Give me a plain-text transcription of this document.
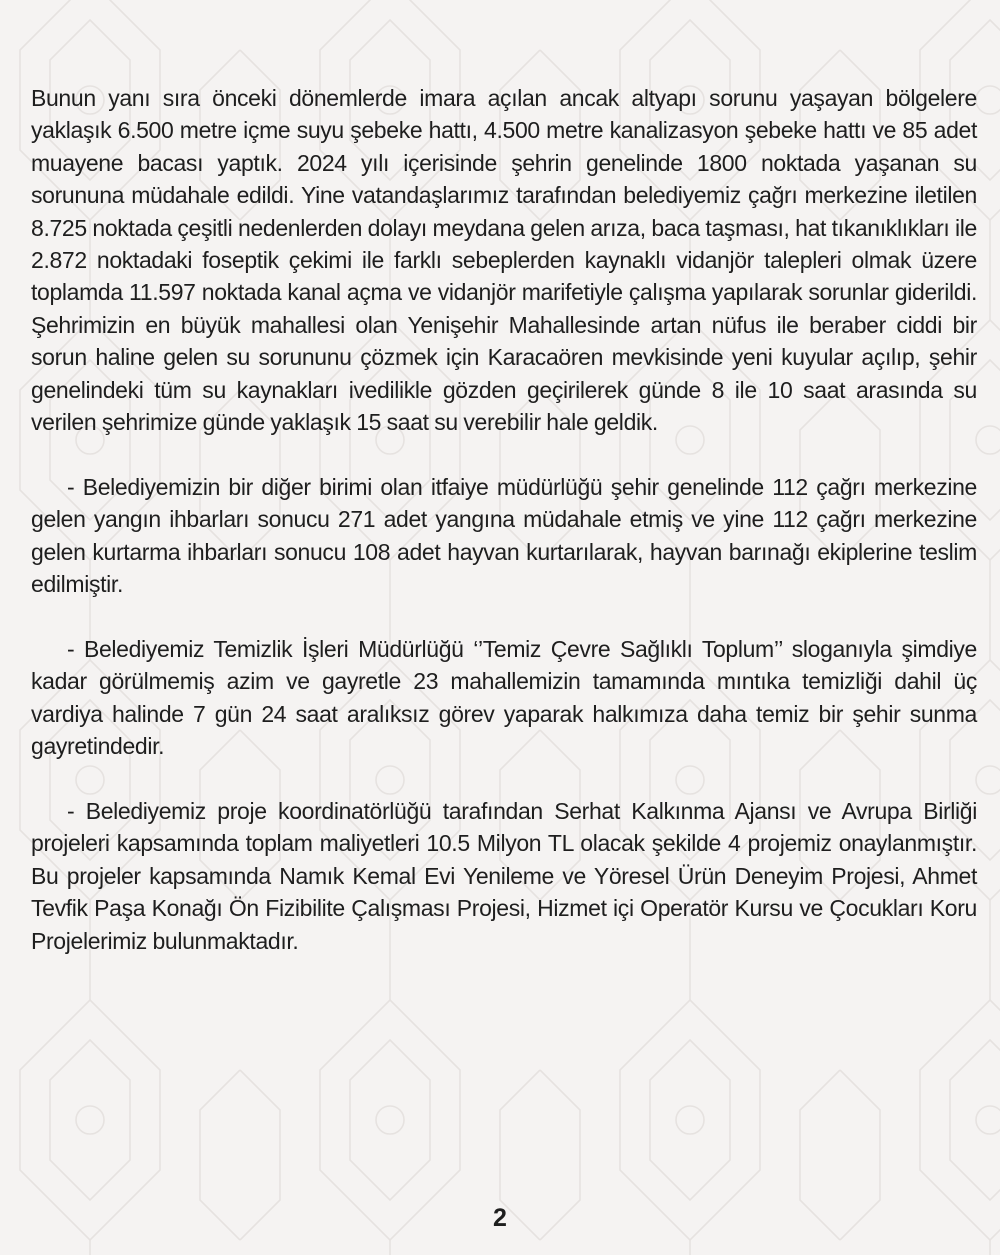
Bunun yanı sıra önceki dönemlerde imara açılan ancak altyapı sorunu yaşayan bölgelere yaklaşık 6.500 metre içme suyu şebeke hattı, 4.500 metre kanalizasyon şebeke hattı ve 85 adet muayene bacası yaptık. 2024 yılı içerisinde şehrin genelinde 1800 noktada yaşanan su sorununa müdahale edildi. Yine vatandaşlarımız tarafından belediyemiz çağrı merkezine iletilen 8.725 noktada çeşitli nedenlerden dolayı meydana gelen arıza, baca taşması, hat tıkanıklıkları ile 2.872 noktadaki foseptik çekimi ile farklı sebeplerden kaynaklı vidanjör talepleri olmak üzere toplamda 11.597 noktada kanal açma ve vidanjör marifetiyle çalışma yapılarak sorunlar giderildi. Şehrimizin en büyük mahallesi olan Yenişehir Mahallesinde artan nüfus ile beraber ciddi bir sorun haline gelen su sorununu çözmek için Karacaören mevkisinde yeni kuyular açılıp, şehir genelindeki tüm su kaynakları ivedilikle gözden geçirilerek günde 8 ile 10 saat arasında su verilen şehrimize günde yaklaşık 15 saat su verebilir hale geldik.

- Belediyemizin bir diğer birimi olan itfaiye müdürlüğü şehir genelinde 112 çağrı merkezine gelen yangın ihbarları sonucu 271 adet yangına müdahale etmiş ve yine 112 çağrı merkezine gelen kurtarma ihbarları sonucu 108 adet hayvan kurtarılarak, hayvan barınağı ekiplerine teslim edilmiştir.

- Belediyemiz Temizlik İşleri Müdürlüğü ‘’Temiz Çevre Sağlıklı Toplum’’ sloganıyla şimdiye kadar görülmemiş azim ve gayretle 23 mahallemizin tamamında mıntıka temizliği dahil üç vardiya halinde 7 gün 24 saat aralıksız görev yaparak halkımıza daha temiz bir şehir sunma gayretindedir.

- Belediyemiz proje koordinatörlüğü tarafından Serhat Kalkınma Ajansı ve Avrupa Birliği projeleri kapsamında toplam maliyetleri 10.5 Milyon TL olacak şekilde 4 projemiz onaylanmıştır. Bu projeler kapsamında Namık Kemal Evi Yenileme ve Yöresel Ürün Deneyim Projesi, Ahmet Tevfik Paşa Konağı Ön Fizibilite Çalışması Projesi, Hizmet içi Operatör Kursu ve Çocukları Koru Projelerimiz bulunmaktadır.

2
